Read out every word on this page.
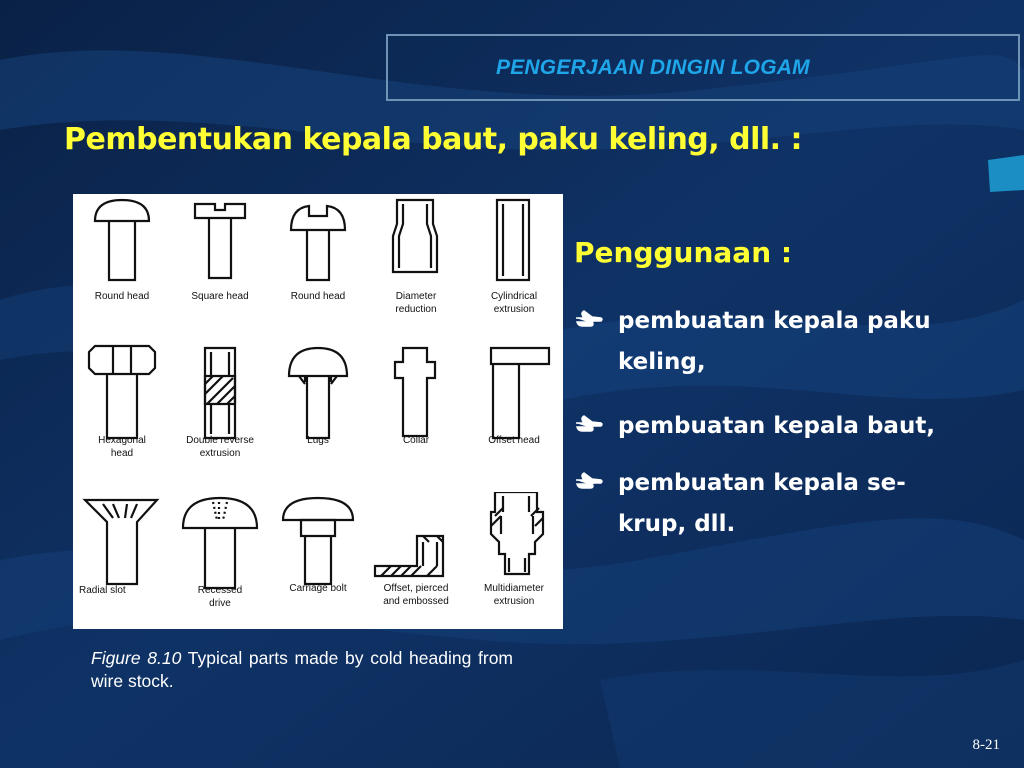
PENGERJAAN DINGIN LOGAM
Pembentukan kepala baut, paku keling, dll. :
Round head	Square head	Round head	Diameter
reduction
Cylindrical
extrusion
Hexagonal
head
Double reverse
extrusion
Lugs	Collar	Offset head
Radial slot	Recessed
drive
Carriage bolt	Offset, pierced
and embossed
Multidiameter
extrusion
Figure 8.10 Typical parts made by cold heading from wire stock.
Penggunaan :
pembuatan kepala paku
keling,
pembuatan kepala baut,
pembuatan kepala se-
krup, dll.
8-21
